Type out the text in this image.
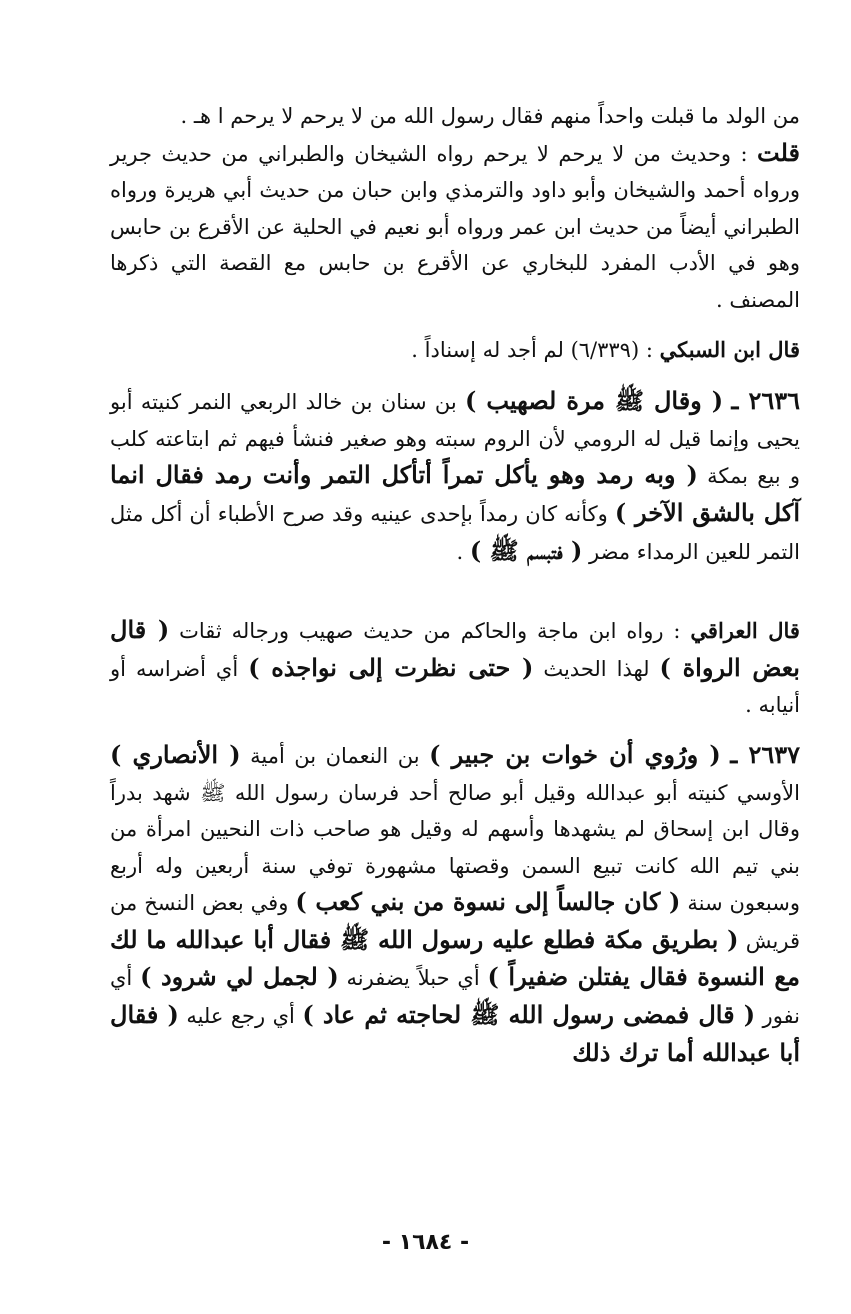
من الولد ما قبلت واحداً منهم فقال رسول الله من لا يرحم لا يرحم ا هـ .

قلت : وحديث من لا يرحم لا يرحم رواه الشيخان والطبراني من حديث جرير ورواه أحمد والشيخان وأبو داود والترمذي وابن حبان من حديث أبي هريرة ورواه الطبراني أيضاً من حديث ابن عمر ورواه أبو نعيم في الحلية عن الأقرع بن حابس وهو في الأدب المفرد للبخاري عن الأقرع بن حابس مع القصة التي ذكرها المصنف .

قال ابن السبكي : (٦/٣٣٩) لم أجد له إسناداً .

٢٦٣٦ ـ ( وقال ﷺ مرة لصهيب ) بن سنان بن خالد الربعي النمر كنيته أبو يحيى وإنما قيل له الرومي لأن الروم سبته وهو صغير فنشأ فيهم ثم ابتاعته كلب و بيع بمكة ( وبه رمد وهو يأكل تمراً أتأكل التمر وأنت رمد فقال انما آكل بالشق الآخر ) وكأنه كان رمداً بإحدى عينيه وقد صرح الأطباء أن أكل مثل التمر للعين الرمداء مضر ( فتبسم ﷺ ) .

قال العراقي : رواه ابن ماجة والحاكم من حديث صهيب ورجاله ثقات ( قال بعض الرواة ) لهذا الحديث ( حتى نظرت إلى نواجذه ) أي أضراسه أو أنيابه .

٢٦٣٧ ـ ( ورُوي أن خوات بن جبير ) بن النعمان بن أمية ( الأنصاري ) الأوسي كنيته أبو عبدالله وقيل أبو صالح أحد فرسان رسول الله ﷺ شهد بدراً وقال ابن إسحاق لم يشهدها وأسهم له وقيل هو صاحب ذات النحيين امرأة من بني تيم الله كانت تبيع السمن وقصتها مشهورة توفي سنة أربعين وله أربع وسبعون سنة ( كان جالساً إلى نسوة من بني كعب ) وفي بعض النسخ من قريش ( بطريق مكة فطلع عليه رسول الله ﷺ فقال أبا عبدالله ما لك مع النسوة فقال يفتلن ضفيراً ) أي حبلاً يضفرنه ( لجمل لي شرود ) أي نفور ( قال فمضى رسول الله ﷺ لحاجته ثم عاد ) أي رجع عليه ( فقال أبا عبدالله أما ترك ذلك

- ١٦٨٤ -
